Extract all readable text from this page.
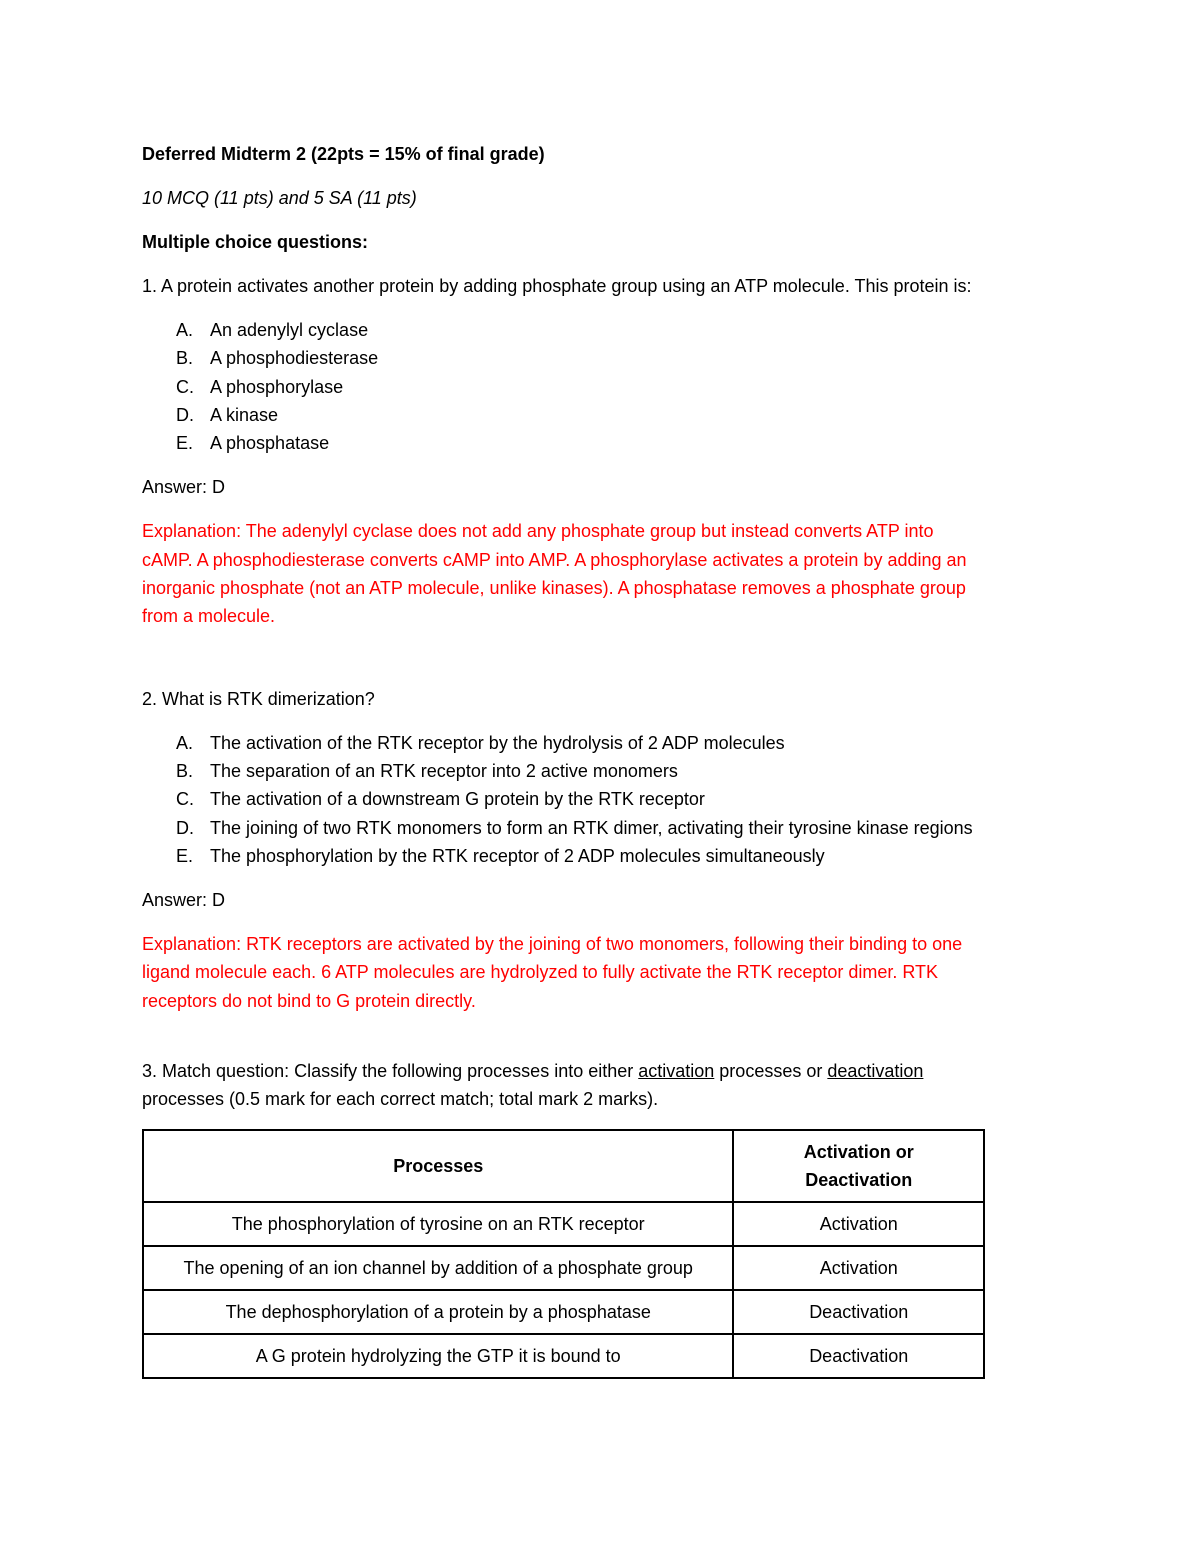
Deferred Midterm 2 (22pts = 15% of final grade)

10 MCQ (11 pts) and 5 SA (11 pts)

Multiple choice questions:

1. A protein activates another protein by adding phosphate group using an ATP molecule. This protein is:

A. An adenylyl cyclase
B. A phosphodiesterase
C. A phosphorylase
D. A kinase
E. A phosphatase

Answer: D

Explanation: The adenylyl cyclase does not add any phosphate group but instead converts ATP into

cAMP. A phosphodiesterase converts cAMP into AMP. A phosphorylase activates a protein by adding an

inorganic phosphate (not an ATP molecule, unlike kinases). A phosphatase removes a phosphate group

from a molecule.

2. What is RTK dimerization?

A. The activation of the RTK receptor by the hydrolysis of 2 ADP molecules
B. The separation of an RTK receptor into 2 active monomers
C. The activation of a downstream G protein by the RTK receptor
D. The joining of two RTK monomers to form an RTK dimer, activating their tyrosine kinase regions
E. The phosphorylation by the RTK receptor of 2 ADP molecules simultaneously

Answer: D

Explanation: RTK receptors are activated by the joining of two monomers, following their binding to one

ligand molecule each. 6 ATP molecules are hydrolyzed to fully activate the RTK receptor dimer. RTK

receptors do not bind to G protein directly.

3. Match question: Classify the following processes into either activation processes or deactivation

processes (0.5 mark for each correct match; total mark 2 marks).

Processes	Activation or
Deactivation

The phosphorylation of tyrosine on an RTK receptor	Activation
The opening of an ion channel by addition of a phosphate group	Activation
The dephosphorylation of a protein by a phosphatase	Deactivation
A G protein hydrolyzing the GTP it is bound to	Deactivation
